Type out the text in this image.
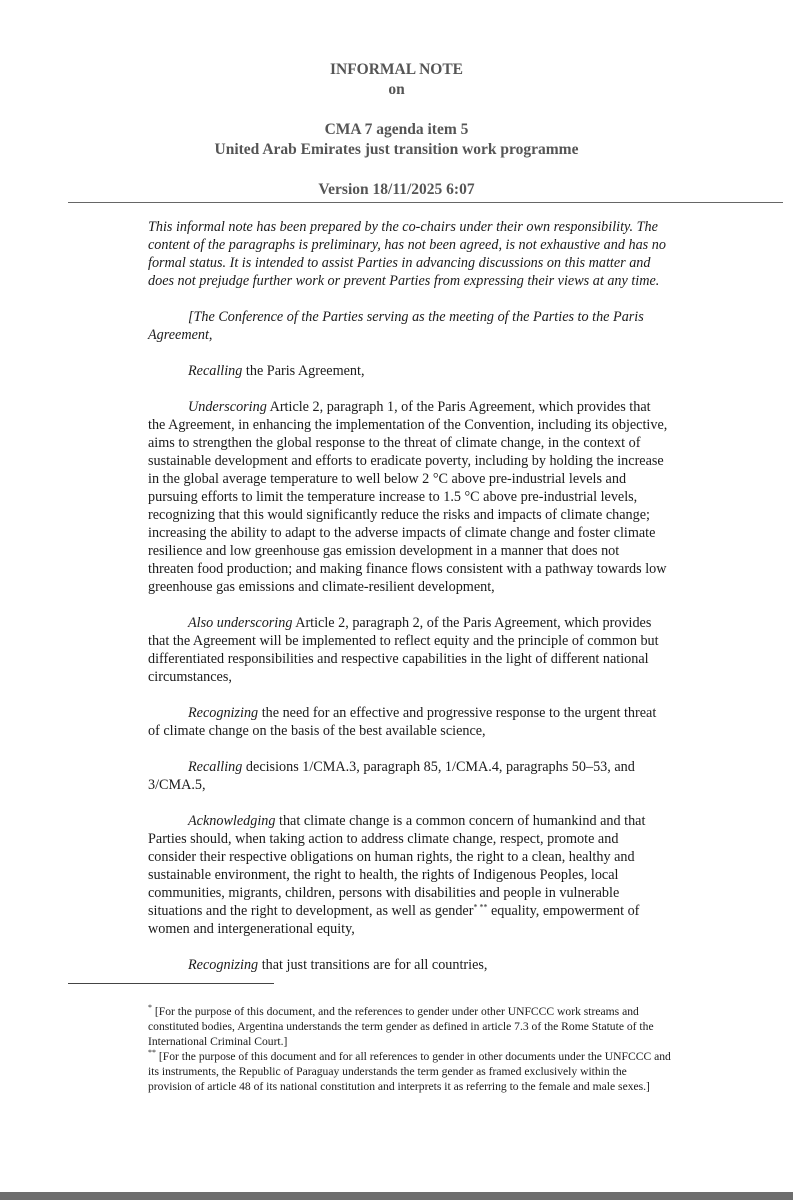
INFORMAL NOTE
on
CMA 7 agenda item 5
United Arab Emirates just transition work programme
Version 18/11/2025 6:07

This informal note has been prepared by the co-chairs under their own responsibility. The content of the paragraphs is preliminary, has not been agreed, is not exhaustive and has no formal status. It is intended to assist Parties in advancing discussions on this matter and does not prejudge further work or prevent Parties from expressing their views at any time.

[The Conference of the Parties serving as the meeting of the Parties to the Paris Agreement,

Recalling the Paris Agreement,

Underscoring Article 2, paragraph 1, of the Paris Agreement, which provides that the Agreement, in enhancing the implementation of the Convention, including its objective, aims to strengthen the global response to the threat of climate change, in the context of sustainable development and efforts to eradicate poverty, including by holding the increase in the global average temperature to well below 2 °C above pre-industrial levels and pursuing efforts to limit the temperature increase to 1.5 °C above pre-industrial levels, recognizing that this would significantly reduce the risks and impacts of climate change; increasing the ability to adapt to the adverse impacts of climate change and foster climate resilience and low greenhouse gas emission development in a manner that does not threaten food production; and making finance flows consistent with a pathway towards low greenhouse gas emissions and climate-resilient development,

Also underscoring Article 2, paragraph 2, of the Paris Agreement, which provides that the Agreement will be implemented to reflect equity and the principle of common but differentiated responsibilities and respective capabilities in the light of different national circumstances,

Recognizing the need for an effective and progressive response to the urgent threat of climate change on the basis of the best available science,

Recalling decisions 1/CMA.3, paragraph 85, 1/CMA.4, paragraphs 50–53, and 3/CMA.5,

Acknowledging that climate change is a common concern of humankind and that Parties should, when taking action to address climate change, respect, promote and consider their respective obligations on human rights, the right to a clean, healthy and sustainable environment, the right to health, the rights of Indigenous Peoples, local communities, migrants, children, persons with disabilities and people in vulnerable situations and the right to development, as well as gender* ** equality, empowerment of women and intergenerational equity,

Recognizing that just transitions are for all countries,

* [For the purpose of this document, and the references to gender under other UNFCCC work streams and constituted bodies, Argentina understands the term gender as defined in article 7.3 of the Rome Statute of the International Criminal Court.]

** [For the purpose of this document and for all references to gender in other documents under the UNFCCC and its instruments, the Republic of Paraguay understands the term gender as framed exclusively within the provision of article 48 of its national constitution and interprets it as referring to the female and male sexes.]
